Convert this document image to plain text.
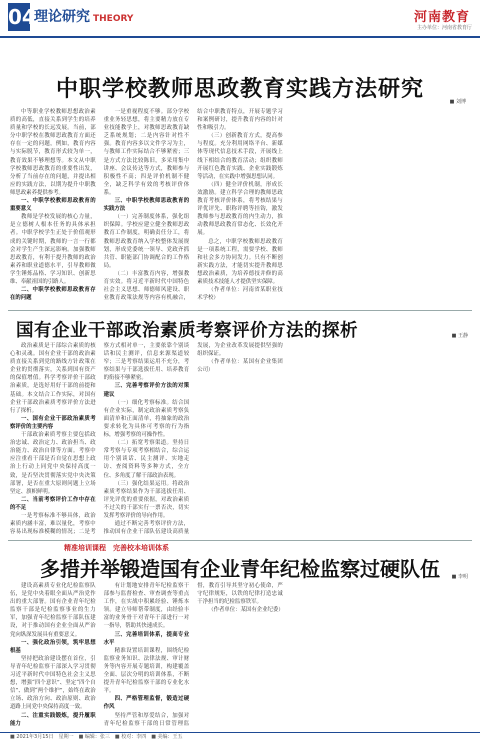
04
理论研究 THEORY	河南教育
主办单位：河南省教育厅
中职学校教师思政教育实践方法研究	■ 刘博

中等职业学校教师思想政治素质的高低，直接关系到学生的培养质量和学校的长远发展。当前，部分中职学校在教师思政教育方面还存在一定的问题，例如，教育内容与实际脱节，教育形式较为单一，教育效果不够理想等。本文从中职学校教师思政教育的重要性出发，分析了当前存在的问题，并提出相应的实践方法，以期为提升中职教师思政素养提供参考。

一、中职学校教师思政教育的重要意义

教师是学校发展的核心力量，是立德树人根本任务的具体承担者。中职学校学生正处于价值观形成的关键时期，教师的一言一行都会对学生产生深远影响。加强教师思政教育，有利于提升教师的政治素养和职业道德水平，引导教师做学生锤炼品格、学习知识、创新思维、奉献祖国的引路人。

二、中职学校教师思政教育存在的问题

一是重视程度不够。部分学校重业务轻思想，将主要精力放在专业技能教学上，对教师思政教育缺乏系统规划；二是内容针对性不强。教育内容多以文件学习为主，与教师工作实际结合不够紧密；三是方式方法比较陈旧，多采用集中讲座、会议传达等方式，教师参与积极性不高；四是评价机制不健全，缺乏科学有效的考核评价体系。

三、中职学校教师思政教育的实践方法

（一）完善制度体系，强化组织保障。学校应建立健全教师思政教育工作制度，明确责任分工，将教师思政教育纳入学校整体发展规划，形成党委统一领导、党政齐抓共管、职能部门协调配合的工作格局。

（二）丰富教育内容，增强教育实效。将习近平新时代中国特色社会主义思想、师德师风建设、职业教育政策法规等内容有机融合，结合中职教育特点，开展专题学习和案例研讨，提升教育内容的针对性和吸引力。

（三）创新教育方式，提高参与程度。充分利用网络平台、新媒体等现代信息技术手段，开展线上线下相结合的教育活动；组织教师开展红色教育实践、企业实践锻炼等活动，在实践中增强思想认同。

（四）健全评价机制，形成长效激励。建立科学合理的教师思政教育考核评价体系，将考核结果与评优评先、职称评聘等挂钩，激发教师参与思政教育的内生动力，推动教师思政教育常态化、长效化开展。

总之，中职学校教师思政教育是一项系统工程，需要学校、教师和社会多方协同发力。只有不断创新实践方法，才能切实提升教师思想政治素质，为培养德技并修的高素质技术技能人才提供坚实保障。

（作者单位：河南省某职业技术学校）

国有企业干部政治素质考察评价方法的探析	■ 王静

政治素质是干部综合素质的核心和灵魂。国有企业干部的政治素质直接关系到党的路线方针政策在企业的贯彻落实，关系到国有资产的保值增值。科学考察评价干部政治素质，是选好用好干部的前提和基础。本文结合工作实际，对国有企业干部政治素质考察评价方法进行了探析。

一、国有企业干部政治素质考察评价的主要内容

干部政治素质考察主要包括政治忠诚、政治定力、政治担当、政治能力、政治自律等方面。考察中应注重看干部是否自觉在思想上政治上行动上同党中央保持高度一致，是否坚决贯彻落实党中央决策部署，是否在重大原则问题上立场坚定、旗帜鲜明。

二、当前考察评价工作中存在的不足

一是考察标准不够具体，政治素质内涵丰富，难以量化，考察中容易出现标准模糊的情况；二是考察方式相对单一，主要依靠个别谈话和民主测评，信息来源渠道较窄；三是考察结果运用不充分，考察结果与干部选拔任用、培养教育的衔接不够紧密。

三、完善考察评价方法的对策建议

（一）细化考察标准。结合国有企业实际，制定政治素质考察负面清单和正面清单，将抽象的政治要求转化为具体可考察的行为指标，增强考察的可操作性。

（二）拓宽考察渠道。坚持日常考察与专项考察相结合，综合运用个别谈话、民主测评、实地走访、查阅资料等多种方式，全方位、多角度了解干部政治表现。

（三）强化结果运用。将政治素质考察结果作为干部选拔任用、评先评优的重要依据，对政治素质不过关的干部实行一票否决，切实发挥考察评价的导向作用。

通过不断完善考察评价方法，推动国有企业干部队伍建设高质量发展，为企业改革发展提供坚强的组织保证。

（作者单位：某国有企业集团公司）

精准培训课程　完善校本培训体系
多措并举锻造国有企业青年纪检监察过硬队伍	■ 李明

建设高素质专业化纪检监察队伍，是党中央着眼全面从严治党作出的重大部署。国有企业青年纪检监察干部是纪检监察事业的生力军，加强青年纪检监察干部队伍建设，对于推动国有企业全面从严治党向纵深发展具有重要意义。

一、强化政治引领，筑牢思想根基

坚持把政治建设摆在首位，引导青年纪检监察干部深入学习贯彻习近平新时代中国特色社会主义思想，增强“四个意识”、坚定“四个自信”、做到“两个维护”，始终在政治立场、政治方向、政治原则、政治道路上同党中央保持高度一致。

二、注重实践锻炼，提升履职能力

有计划地安排青年纪检监察干部参与监督检查、审查调查等重点工作，在实战中积累经验、锤炼本领。建立导师帮带制度，由经验丰富的业务骨干对青年干部进行一对一指导，帮助其快速成长。

三、完善培训体系，提高专业水平

精准设置培训课程，围绕纪检监察业务知识、法律法规、审计财务等内容开展专题培训，构建覆盖全面、层次分明的培训体系，不断提升青年纪检监察干部的专业化水平。

四、严格管理监督，锻造过硬作风

坚持严管和厚爱结合，加强对青年纪检监察干部的日常管理监督，教育引导其坚守初心使命，严守纪律规矩，以铁的纪律打造忠诚干净担当的纪检监察铁军。

（作者单位：某国有企业纪委）

■ 2021年3月15日　星期一　■ 编辑：张三　■ 校对：李四　■ 美编：王五
